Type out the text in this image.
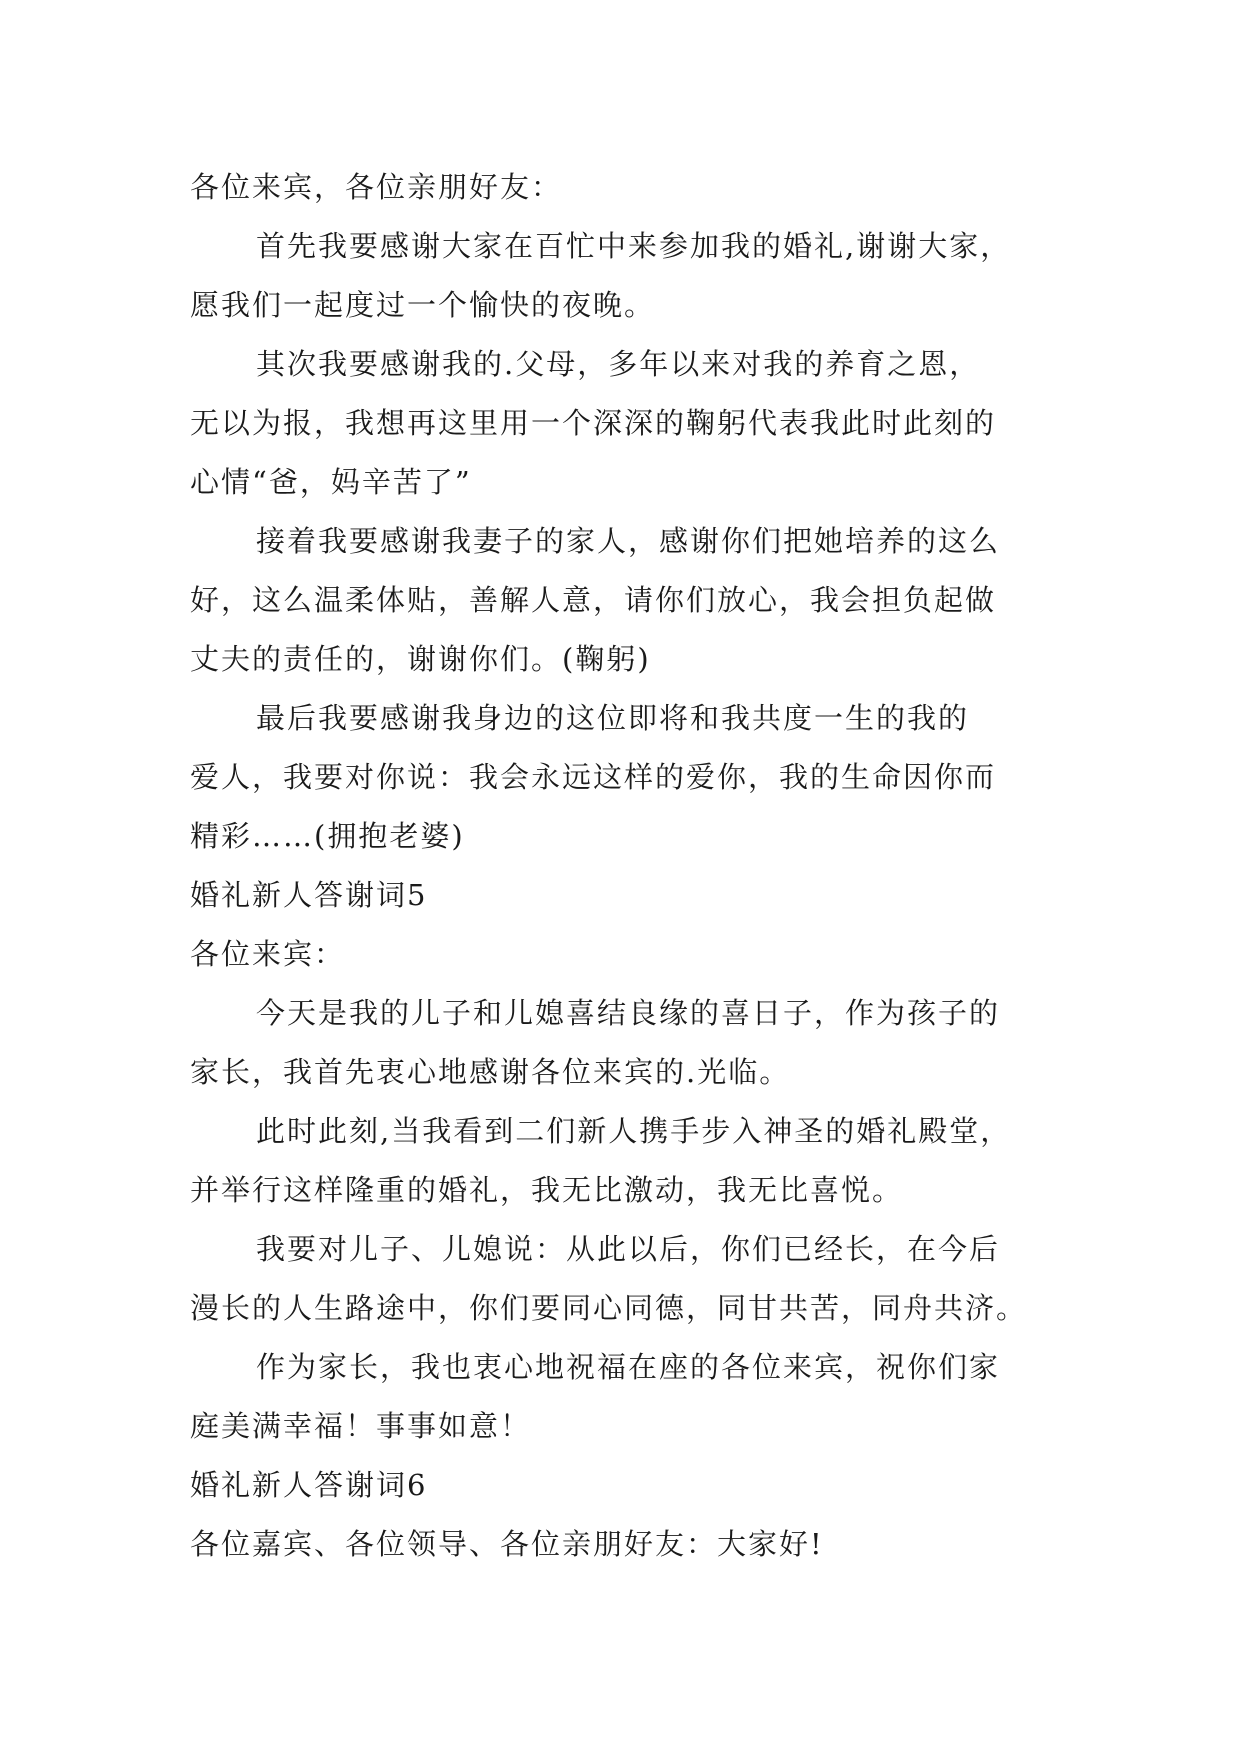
各位来宾，各位亲朋好友：

首先我要感谢大家在百忙中来参加我的婚礼,谢谢大家，

愿我们一起度过一个愉快的夜晚。

其次我要感谢我的.父母，多年以来对我的养育之恩，

无以为报，我想再这里用一个深深的鞠躬代表我此时此刻的

心情“爸，妈辛苦了”

接着我要感谢我妻子的家人，感谢你们把她培养的这么

好，这么温柔体贴，善解人意，请你们放心，我会担负起做

丈夫的责任的，谢谢你们。(鞠躬)

最后我要感谢我身边的这位即将和我共度一生的我的

爱人，我要对你说：我会永远这样的爱你，我的生命因你而

精彩……(拥抱老婆)

婚礼新人答谢词5

各位来宾：

今天是我的儿子和儿媳喜结良缘的喜日子，作为孩子的

家长，我首先衷心地感谢各位来宾的.光临。

此时此刻,当我看到二们新人携手步入神圣的婚礼殿堂，

并举行这样隆重的婚礼，我无比激动，我无比喜悦。

我要对儿子、儿媳说：从此以后，你们已经长，在今后

漫长的人生路途中，你们要同心同德，同甘共苦，同舟共济。

作为家长，我也衷心地祝福在座的各位来宾，祝你们家

庭美满幸福！事事如意！

婚礼新人答谢词6

各位嘉宾、各位领导、各位亲朋好友：大家好!
